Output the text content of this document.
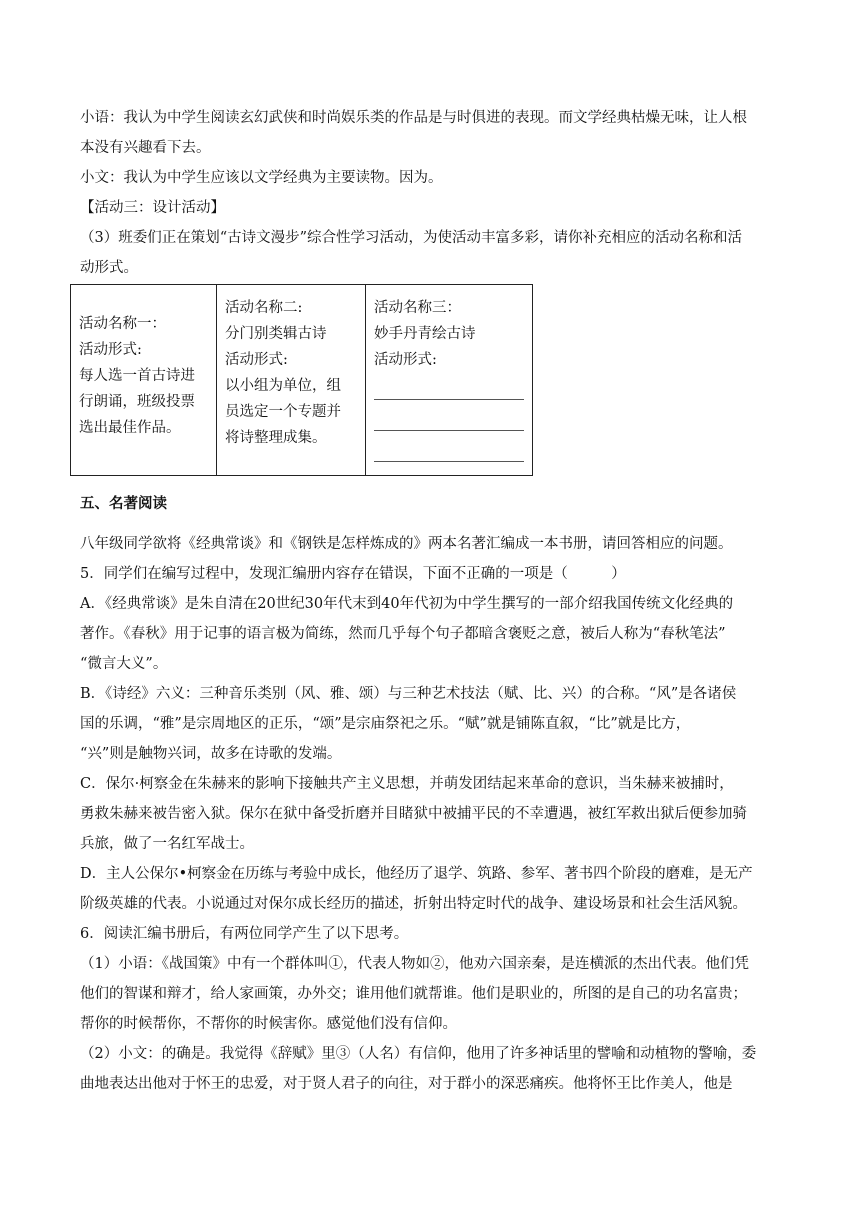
小语：我认为中学生阅读玄幻武侠和时尚娱乐类的作品是与时俱进的表现。而文学经典枯燥无味，让人根

本没有兴趣看下去。

小文：我认为中学生应该以文学经典为主要读物。因为。

【活动三：设计活动】

（3）班委们正在策划“古诗文漫步”综合性学习活动，为使活动丰富多彩，请你补充相应的活动名称和活

动形式。

活动名称一：
活动形式:
每人选一首古诗进
行朗诵，班级投票
选出最佳作品。
活动名称二:
分门别类辑古诗
活动形式:
以小组为单位，组
员选定一个专题并
将诗整理成集。
活动名称三：
妙手丹青绘古诗
活动形式:

五、名著阅读

八年级同学欲将《经典常谈》和《钢铁是怎样炼成的》两本名著汇编成一本书册，请回答相应的问题。

5．同学们在编写过程中，发现汇编册内容存在错误，下面不正确的一项是（　　　）

A．《经典常谈》是朱自清在20世纪30年代末到40年代初为中学生撰写的一部介绍我国传统文化经典的

著作。《春秋》用于记事的语言极为简练，然而几乎每个句子都暗含褒贬之意，被后人称为“春秋笔法”

“微言大义”。

B．《诗经》六义：三种音乐类别（风、雅、颂）与三种艺术技法（赋、比、兴）的合称。“风”是各诸侯

国的乐调，“雅”是宗周地区的正乐，“颂”是宗庙祭祀之乐。“赋”就是铺陈直叙，“比”就是比方，

“兴”则是触物兴词，故多在诗歌的发端。

C．保尔·柯察金在朱赫来的影响下接触共产主义思想，并萌发团结起来革命的意识，当朱赫来被捕时，

勇救朱赫来被告密入狱。保尔在狱中备受折磨并目睹狱中被捕平民的不幸遭遇，被红军救出狱后便参加骑

兵旅，做了一名红军战士。

D．主人公保尔•柯察金在历练与考验中成长，他经历了退学、筑路、参军、著书四个阶段的磨难，是无产

阶级英雄的代表。小说通过对保尔成长经历的描述，折射出特定时代的战争、建设场景和社会生活风貌。

6．阅读汇编书册后，有两位同学产生了以下思考。

（1）小语：《战国策》中有一个群体叫①，代表人物如②，他劝六国亲秦，是连横派的杰出代表。他们凭

他们的智谋和辩才，给人家画策，办外交；谁用他们就帮谁。他们是职业的，所图的是自己的功名富贵；

帮你的时候帮你，不帮你的时候害你。感觉他们没有信仰。

（2）小文：的确是。我觉得《辞赋》里③（人名）有信仰，他用了许多神话里的譬喻和动植物的警喻，委

曲地表达出他对于怀王的忠爱，对于贤人君子的向往，对于群小的深恶痛疾。他将怀王比作美人，他是
